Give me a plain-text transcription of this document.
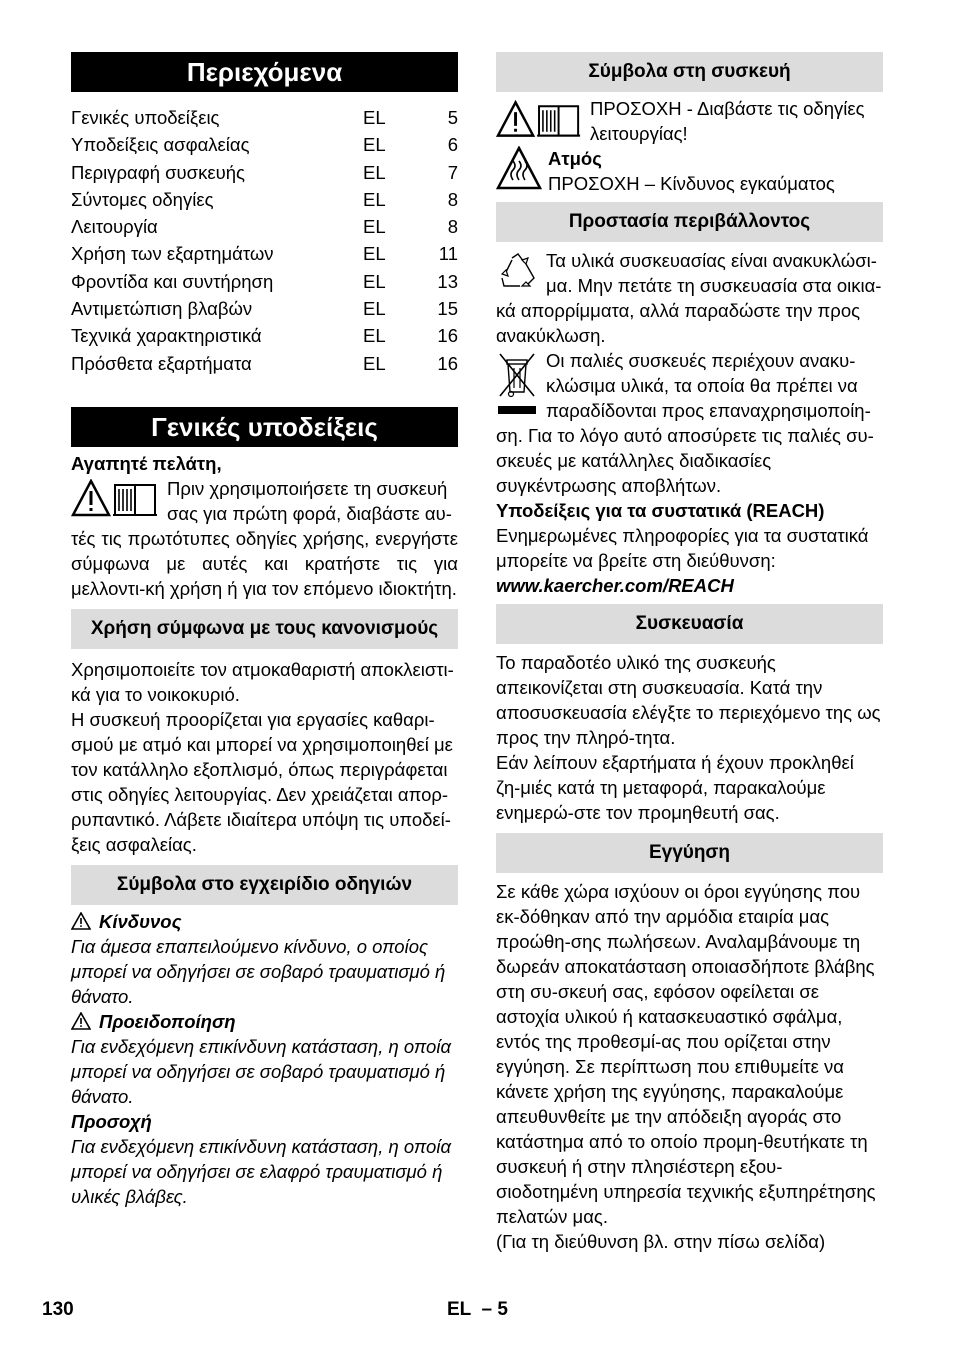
Περιεχόμενα
Γενικές υποδείξεις	EL	5
Υποδείξεις ασφαλείας	EL	6
Περιγραφή συσκευής	EL	7
Σύντομες οδηγίες	EL	8
Λειτουργία	EL	8
Χρήση των εξαρτημάτων	EL	11
Φροντίδα και συντήρηση	EL	13
Αντιμετώπιση βλαβών	EL	15
Τεχνικά χαρακτηριστικά	EL	16
Πρόσθετα εξαρτήματα	EL	16
Γενικές υποδείξεις

Αγαπητέ πελάτη,

Πριν χρησιμοποιήσετε τη συσκευή

σας για πρώτη φορά, διαβάστε αυ-

τές τις πρωτότυπες οδηγίες χρήσης, ενεργήστε σύμφωνα με αυτές και κρατήστε τις για μελλοντι-κή χρήση ή για τον επόμενο ιδιοκτήτη.

Χρήση σύμφωνα με τους κανονισμούς

Χρησιμοποιείτε τον ατμοκαθαριστή αποκλειστι-κά για το νοικοκυριό.

Η συσκευή προορίζεται για εργασίες καθαρι-σμού με ατμό και μπορεί να χρησιμοποιηθεί με τον κατάλληλο εξοπλισμό, όπως περιγράφεται στις οδηγίες λειτουργίας. Δεν χρειάζεται απορ-ρυπαντικό. Λάβετε ιδιαίτερα υπόψη τις υποδεί-ξεις ασφαλείας.

Σύμβολα στο εγχειρίδιο οδηγιών

Κίνδυνος

Για άμεσα επαπειλούμενο κίνδυνο, ο οποίος μπορεί να οδηγήσει σε σοβαρό τραυματισμό ή θάνατο.

Προειδοποίηση

Για ενδεχόμενη επικίνδυνη κατάσταση, η οποία μπορεί να οδηγήσει σε σοβαρό τραυματισμό ή θάνατο.

Προσοχή

Για ενδεχόμενη επικίνδυνη κατάσταση, η οποία μπορεί να οδηγήσει σε ελαφρό τραυματισμό ή υλικές βλάβες.

Σύμβολα στη συσκευή

ΠΡΟΣΟΧΗ - Διαβάστε τις οδηγίες

λειτουργίας!

Ατμός

ΠΡΟΣΟΧΗ – Κίνδυνος εγκαύματος

Προστασία περιβάλλοντος

Τα υλικά συσκευασίας είναι ανακυκλώσι-

μα. Μην πετάτε τη συσκευασία στα οικια-

κά απορρίμματα, αλλά παραδώστε την προς ανακύκλωση.

Οι παλιές συσκευές περιέχουν ανακυ-

κλώσιμα υλικά, τα οποία θα πρέπει να

παραδίδονται προς επαναχρησιμοποίη-

ση. Για το λόγο αυτό αποσύρετε τις παλιές συ-σκευές με κατάλληλες διαδικασίες συγκέντρωσης αποβλήτων.

Υποδείξεις για τα συστατικά (REACH)

Ενημερωμένες πληροφορίες για τα συστατικά μπορείτε να βρείτε στη διεύθυνση:

www.kaercher.com/REACH

Συσκευασία

Το παραδοτέο υλικό της συσκευής απεικονίζεται στη συσκευασία. Κατά την αποσυσκευασία ελέγξτε το περιεχόμενο της ως προς την πληρό-τητα.

Εάν λείπουν εξαρτήματα ή έχουν προκληθεί ζη-μιές κατά τη μεταφορά, παρακαλούμε ενημερώ-στε τον προμηθευτή σας.

Εγγύηση

Σε κάθε χώρα ισχύουν οι όροι εγγύησης που εκ-δόθηκαν από την αρμόδια εταιρία μας προώθη-σης πωλήσεων. Αναλαμβάνουμε τη δωρεάν αποκατάσταση οποιασδήποτε βλάβης στη συ-σκευή σας, εφόσον οφείλεται σε αστοχία υλικού ή κατασκευαστικό σφάλμα, εντός της προθεσμί-ας που ορίζεται στην εγγύηση. Σε περίπτωση που επιθυμείτε να κάνετε χρήση της εγγύησης, παρακαλούμε απευθυνθείτε με την απόδειξη αγοράς στο κατάστημα από το οποίο προμη-θευτήκατε τη συσκευή ή στην πλησιέστερη εξου-σιοδοτημένη υπηρεσία τεχνικής εξυπηρέτησης πελατών μας.

(Για τη διεύθυνση βλ. στην πίσω σελίδα)

130	EL  – 5
